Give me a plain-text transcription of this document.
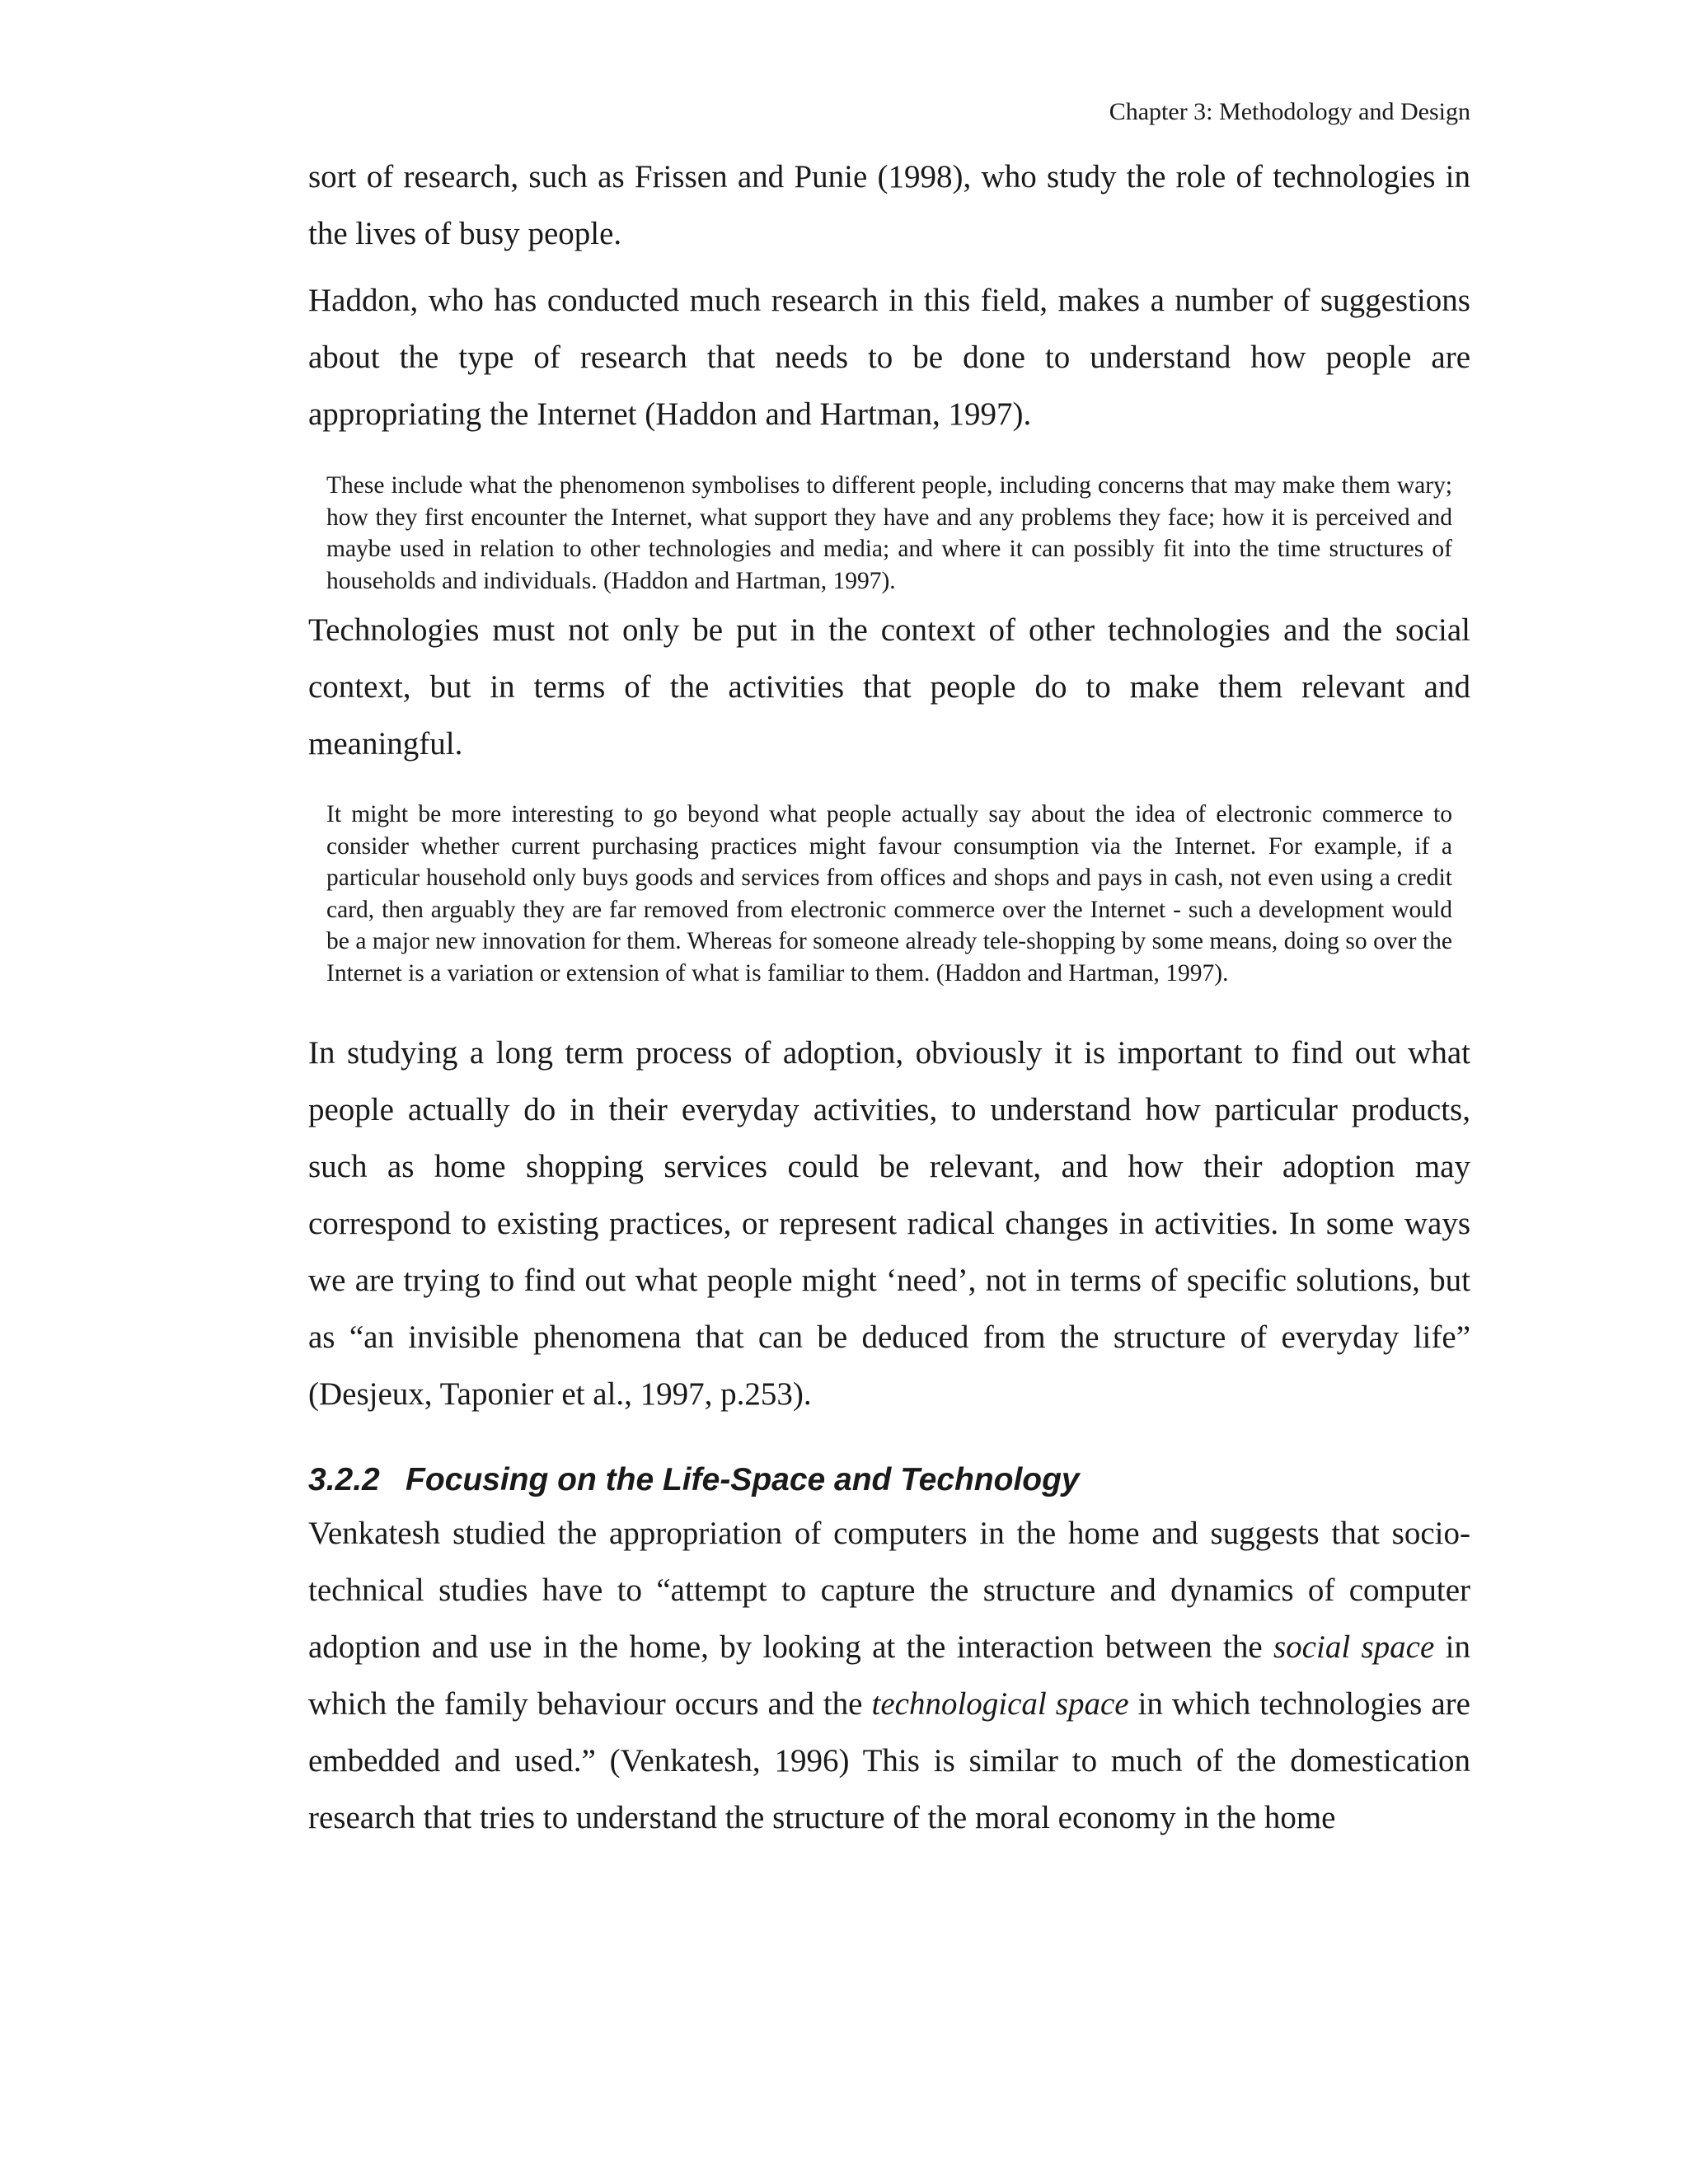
Chapter 3: Methodology and Design

sort of research, such as Frissen and Punie (1998), who study the role of technologies in the lives of busy people.

Haddon, who has conducted much research in this field, makes a number of suggestions about the type of research that needs to be done to understand how people are appropriating the Internet (Haddon and Hartman, 1997).

These include what the phenomenon symbolises to different people, including concerns that may make them wary; how they first encounter the Internet, what support they have and any problems they face; how it is perceived and maybe used in relation to other technologies and media; and where it can possibly fit into the time structures of households and individuals. (Haddon and Hartman, 1997).

Technologies must not only be put in the context of other technologies and the social context, but in terms of the activities that people do to make them relevant and meaningful.

It might be more interesting to go beyond what people actually say about the idea of electronic commerce to consider whether current purchasing practices might favour consumption via the Internet. For example, if a particular household only buys goods and services from offices and shops and pays in cash, not even using a credit card, then arguably they are far removed from electronic commerce over the Internet - such a development would be a major new innovation for them. Whereas for someone already tele-shopping by some means, doing so over the Internet is a variation or extension of what is familiar to them. (Haddon and Hartman, 1997).

In studying a long term process of adoption, obviously it is important to find out what people actually do in their everyday activities, to understand how particular products, such as home shopping services could be relevant, and how their adoption may correspond to existing practices, or represent radical changes in activities. In some ways we are trying to find out what people might ‘need’, not in terms of specific solutions, but as “an invisible phenomena that can be deduced from the structure of everyday life” (Desjeux, Taponier et al., 1997, p.253).

3.2.2 Focusing on the Life-Space and Technology

Venkatesh studied the appropriation of computers in the home and suggests that socio-technical studies have to “attempt to capture the structure and dynamics of computer adoption and use in the home, by looking at the interaction between the social space in which the family behaviour occurs and the technological space in which technologies are embedded and used.” (Venkatesh, 1996) This is similar to much of the domestication research that tries to understand the structure of the moral economy in the home
